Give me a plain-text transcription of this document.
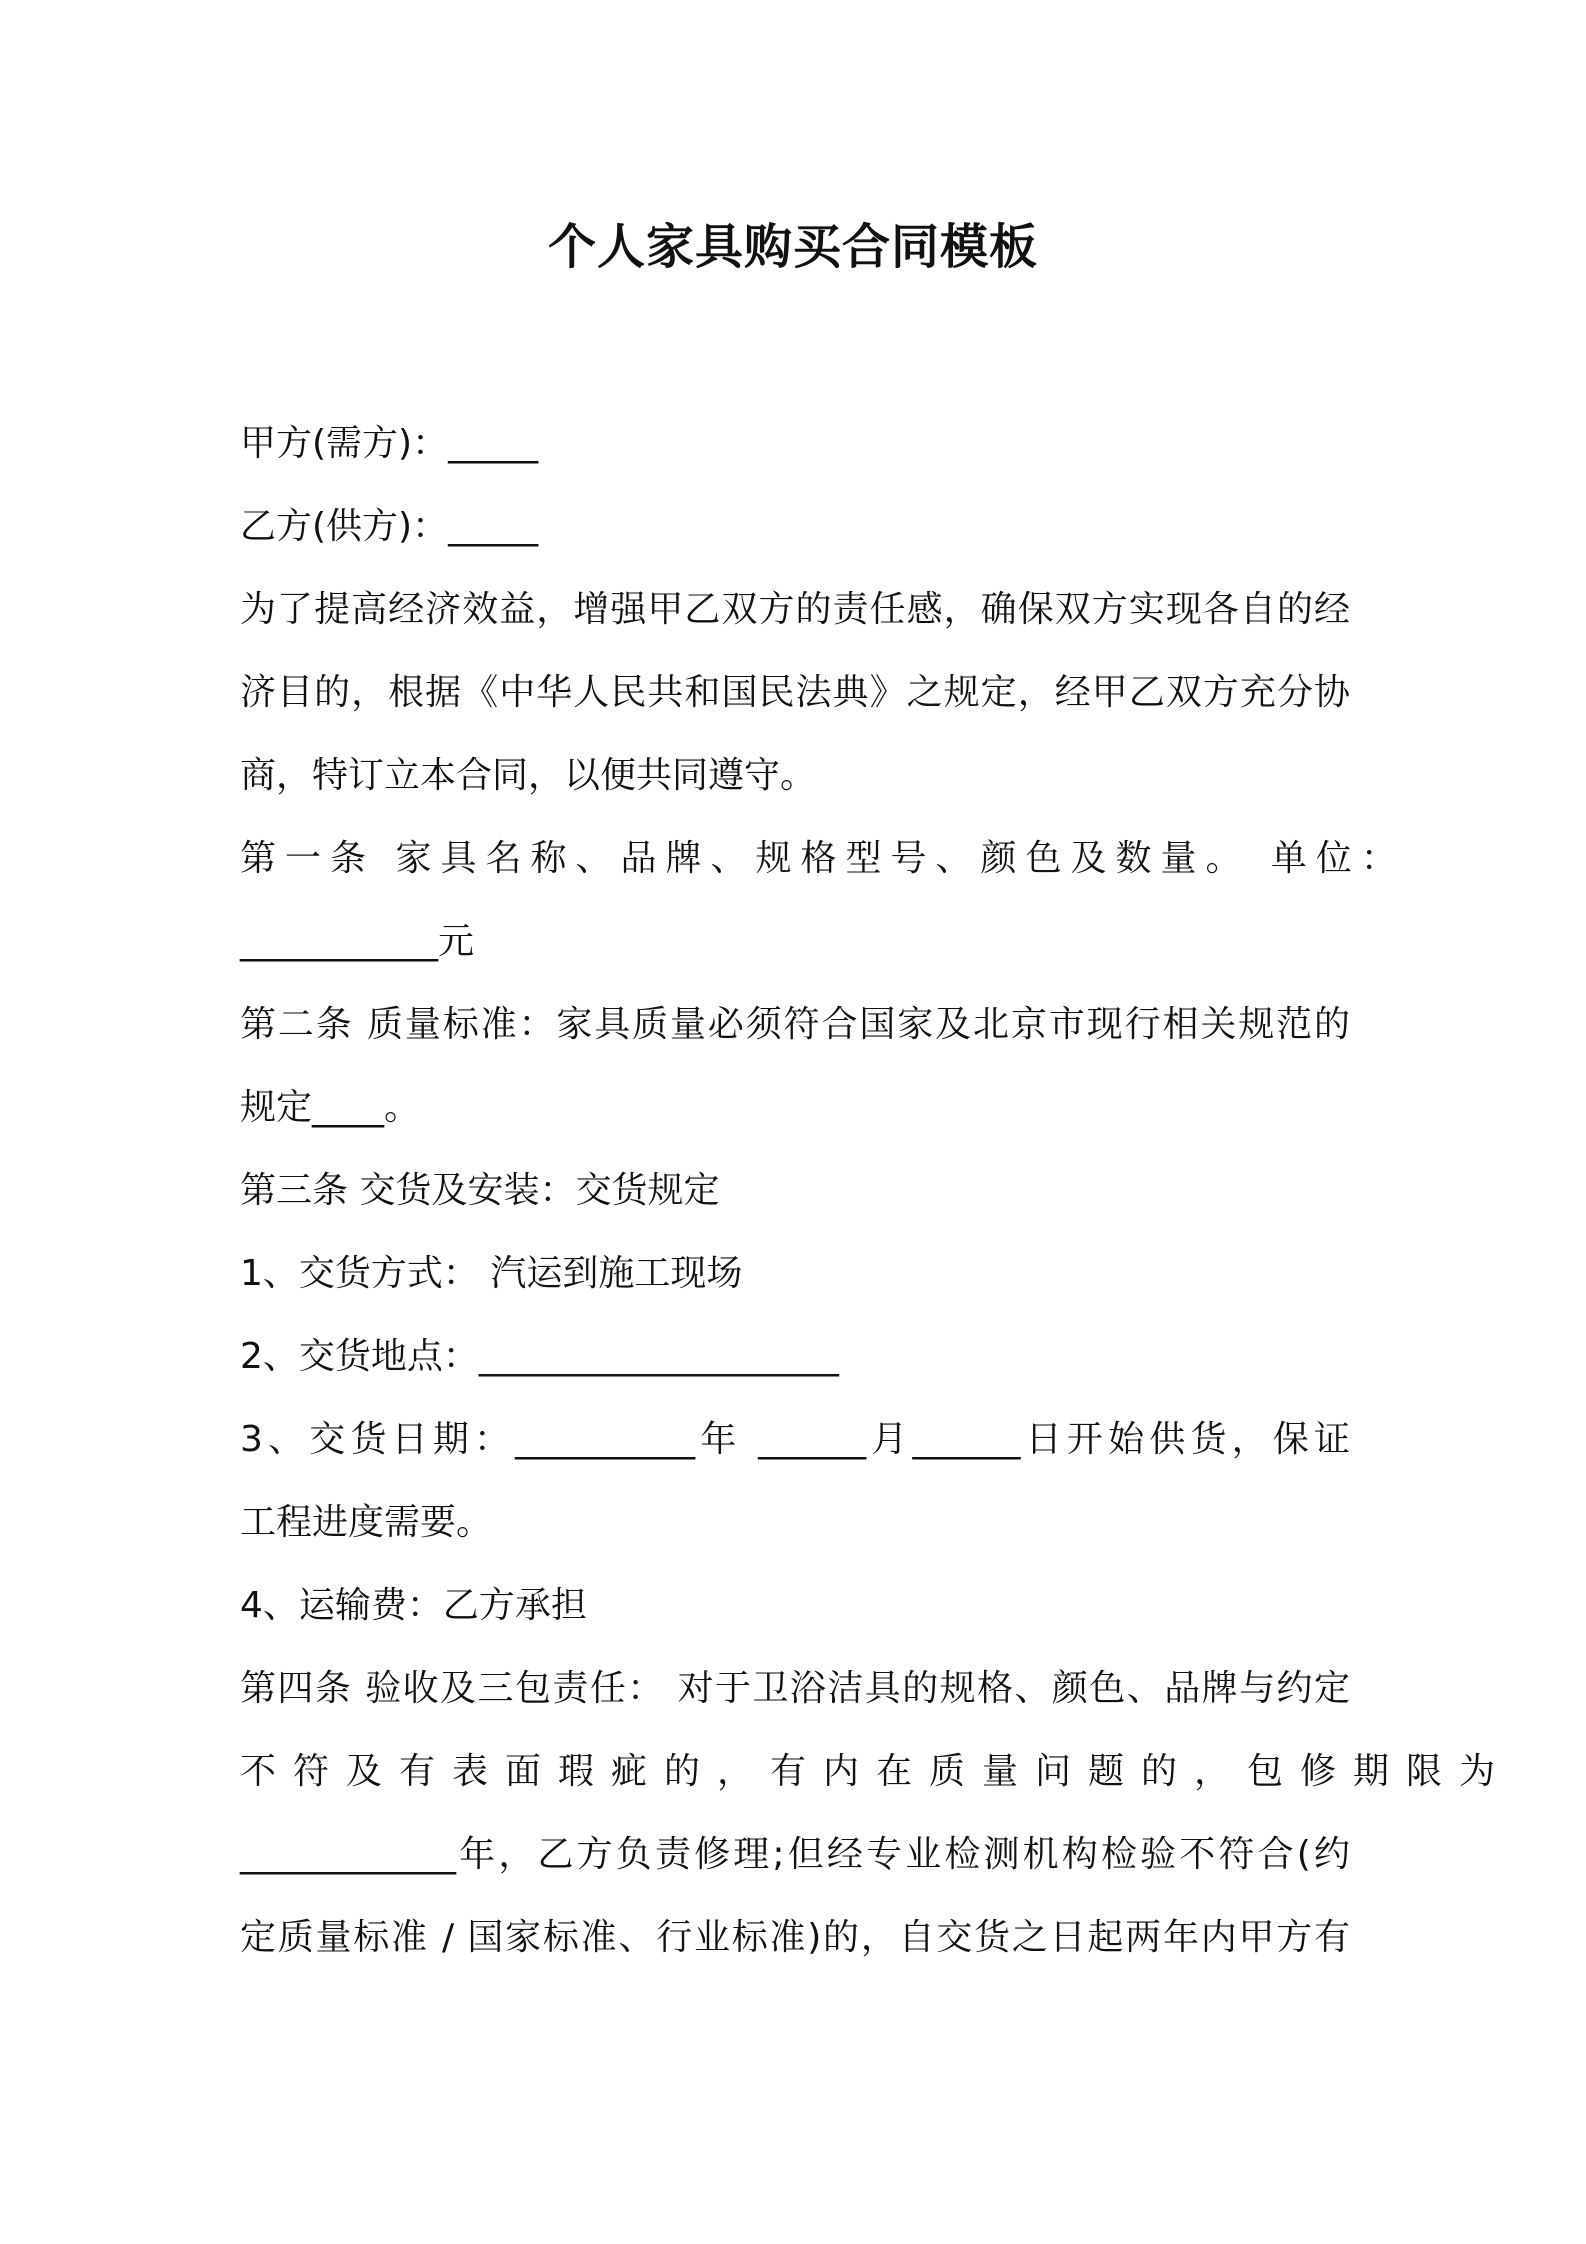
个人家具购买合同模板
甲方(需方)：_____
乙方(供方)：_____
为了提高经济效益，增强甲乙双方的责任感，确保双方实现各自的经
济目的，根据《中华人民共和国民法典》之规定，经甲乙双方充分协
商，特订立本合同，以便共同遵守。
第一条 家具名称、品牌、规格型号、颜色及数量。 单位：
___________元
第二条 质量标准：家具质量必须符合国家及北京市现行相关规范的
规定____。
第三条 交货及安装：交货规定
1、交货方式： 汽运到施工现场
2、交货地点：____________________
3、交货日期：__________年 ______月______日开始供货，保证
工程进度需要。
4、运输费：乙方承担
第四条 验收及三包责任： 对于卫浴洁具的规格、颜色、品牌与约定
不符及有表面瑕疵的，有内在质量问题的，包修期限为
____________年，乙方负责修理;但经专业检测机构检验不符合(约
定质量标准 / 国家标准、行业标准)的，自交货之日起两年内甲方有
